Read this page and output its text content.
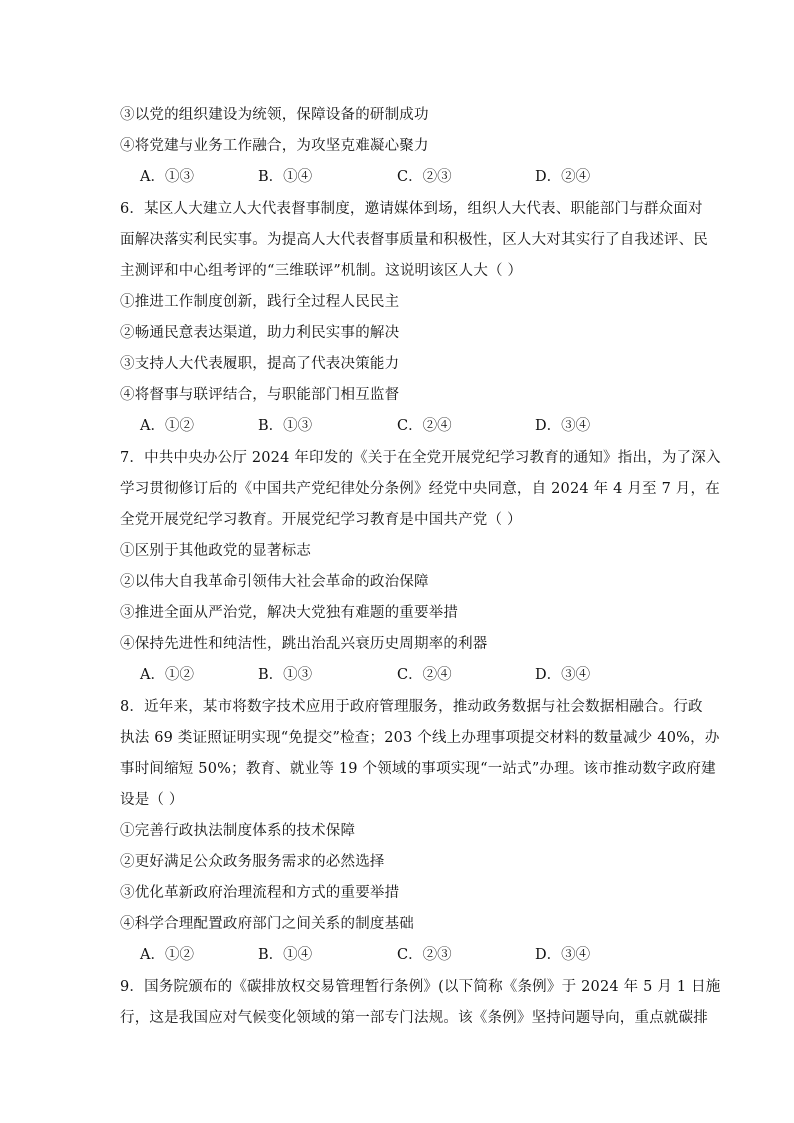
③以党的组织建设为统领，保障设备的研制成功
④将党建与业务工作融合，为攻坚克难凝心聚力
A．①③	B．①④	C．②③	D．②④
6．某区人大建立人大代表督事制度，邀请媒体到场，组织人大代表、职能部门与群众面对
面解决落实利民实事。为提高人大代表督事质量和积极性，区人大对其实行了自我述评、民
主测评和中心组考评的“三维联评”机制。这说明该区人大（ ）
①推进工作制度创新，践行全过程人民民主
②畅通民意表达渠道，助力利民实事的解决
③支持人大代表履职，提高了代表决策能力
④将督事与联评结合，与职能部门相互监督
A．①②	B．①③	C．②④	D．③④
7．中共中央办公厅 2024 年印发的《关于在全党开展党纪学习教育的通知》指出，为了深入
学习贯彻修订后的《中国共产党纪律处分条例》经党中央同意，自 2024 年 4 月至 7 月，在
全党开展党纪学习教育。开展党纪学习教育是中国共产党（ ）
①区别于其他政党的显著标志
②以伟大自我革命引领伟大社会革命的政治保障
③推进全面从严治党，解决大党独有难题的重要举措
④保持先进性和纯洁性，跳出治乱兴衰历史周期率的利器
A．①②	B．①③	C．②④	D．③④
8．近年来，某市将数字技术应用于政府管理服务，推动政务数据与社会数据相融合。行政
执法 69 类证照证明实现“免提交”检查；203 个线上办理事项提交材料的数量减少 40%，办
事时间缩短 50%；教育、就业等 19 个领域的事项实现“一站式”办理。该市推动数字政府建
设是（ ）
①完善行政执法制度体系的技术保障
②更好满足公众政务服务需求的必然选择
③优化革新政府治理流程和方式的重要举措
④科学合理配置政府部门之间关系的制度基础
A．①②	B．①④	C．②③	D．③④
9．国务院颁布的《碳排放权交易管理暂行条例》(以下简称《条例》于 2024 年 5 月 1 日施
行，这是我国应对气候变化领域的第一部专门法规。该《条例》坚持问题导向，重点就碳排
